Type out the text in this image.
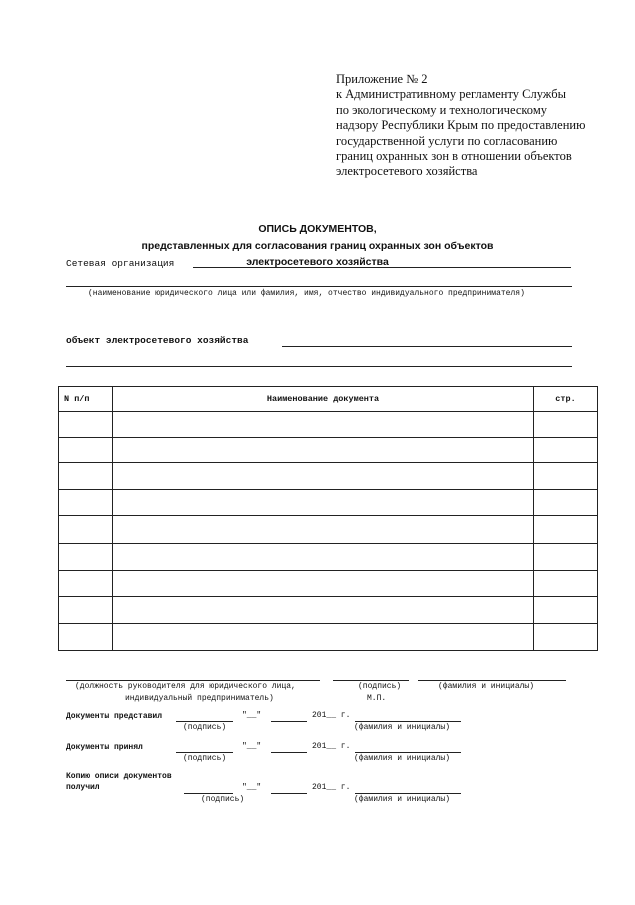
Приложение № 2
к Административному регламенту Службы
по экологическому и технологическому
надзору Республики Крым по предоставлению
государственной услуги по согласованию
границ охранных зон в отношении объектов
электросетевого хозяйства
ОПИСЬ ДОКУМЕНТОВ,
представленных для согласования границ охранных зон объектов
электросетевого хозяйства
Сетевая организация
(наименование юридического лица или фамилия, имя, отчество индивидуального предпринимателя)
объект электросетевого хозяйства
N п/п	Наименование документа	стр.

(должность руководителя для юридического лица,	(подпись)	(фамилия и инициалы)
индивидуальный предприниматель)	М.П.
Документы представил	"__"	201__ г.
(подпись)	(фамилия и инициалы)
Документы принял	"__"	201__ г.
(подпись)	(фамилия и инициалы)
Копию описи документов
получил	"__"	201__ г.
(подпись)	(фамилия и инициалы)
